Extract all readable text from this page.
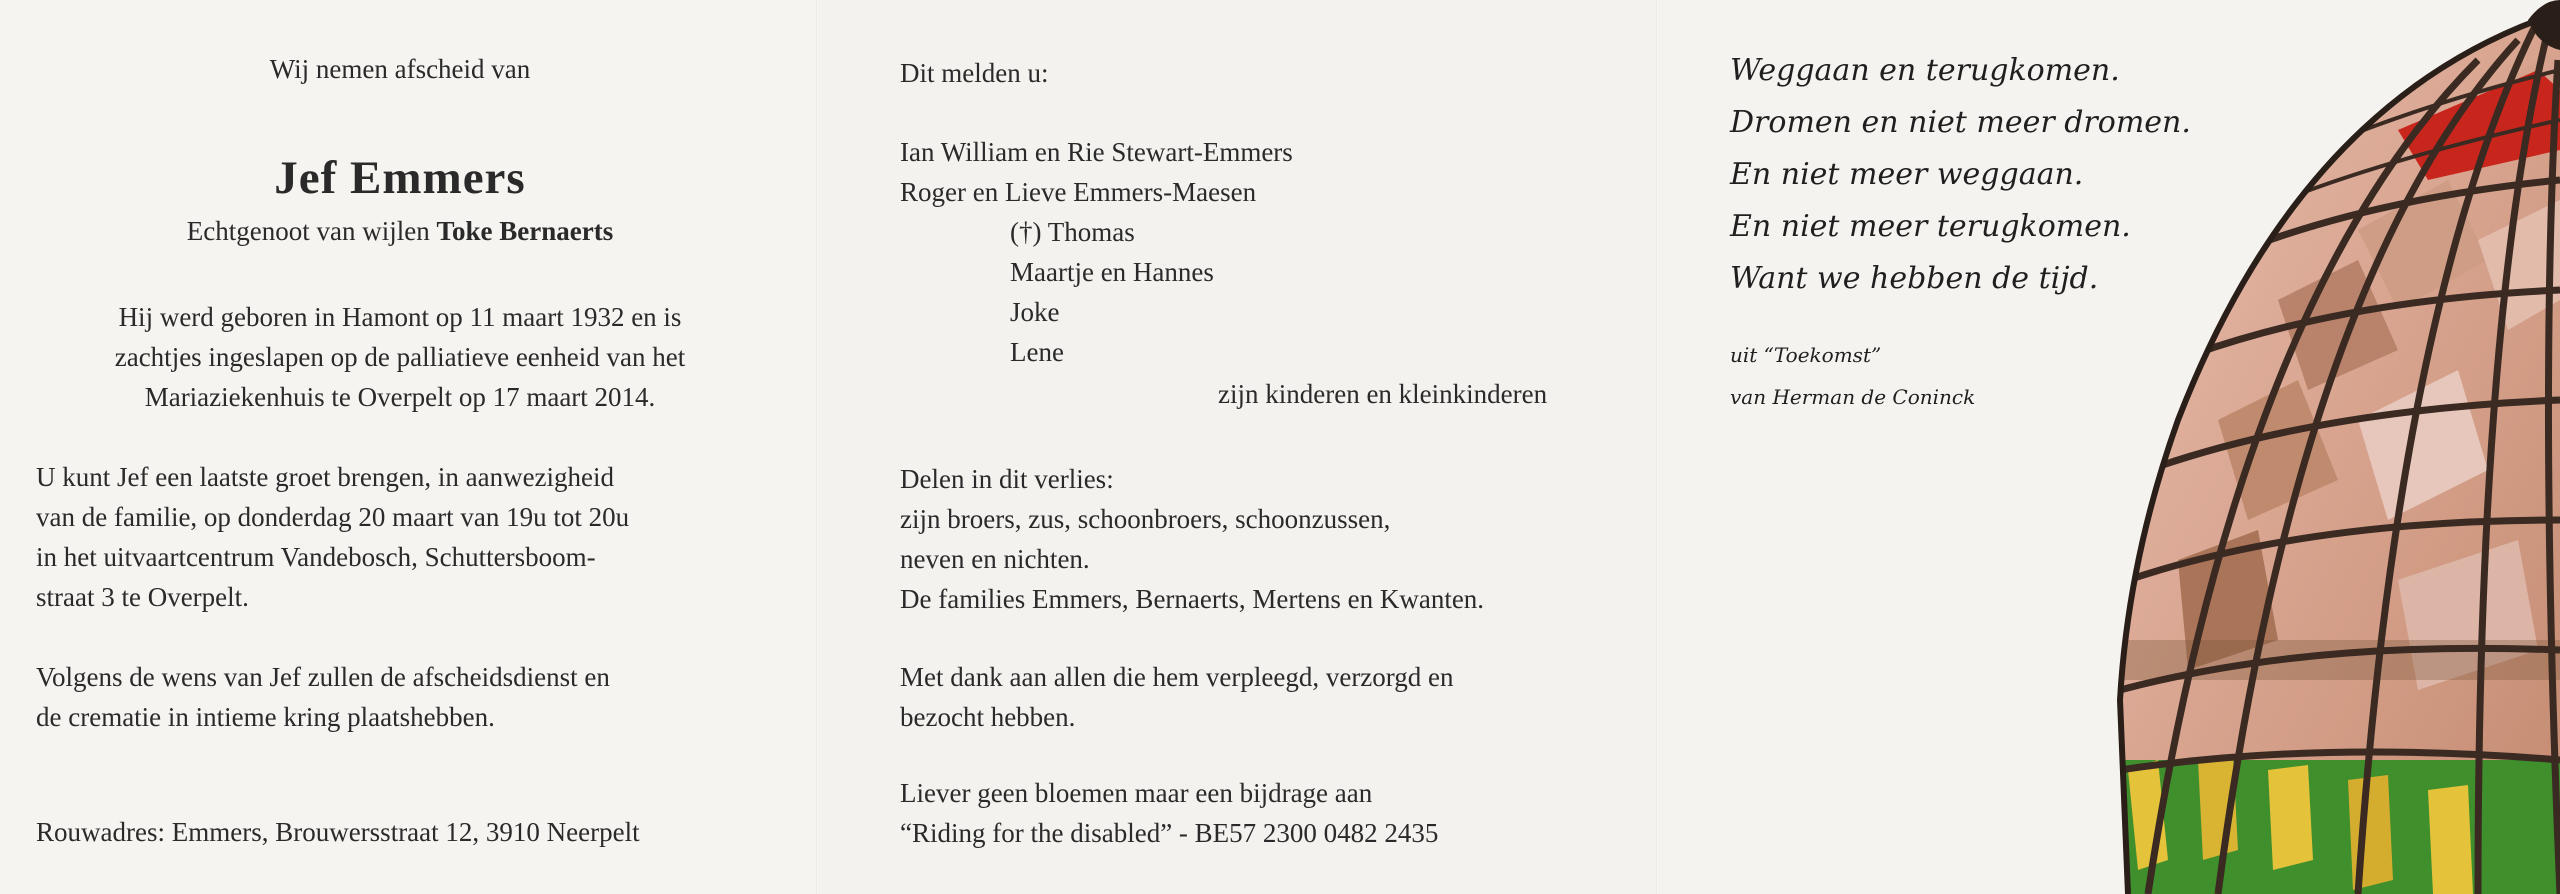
Wij nemen afscheid van
Jef Emmers
Echtgenoot van wijlen Toke Bernaerts
Hij werd geboren in Hamont op 11 maart 1932 en is
zachtjes ingeslapen op de palliatieve eenheid van het
Mariaziekenhuis te Overpelt op 17 maart 2014.
U kunt Jef een laatste groet brengen, in aanwezigheid
van de familie, op donderdag 20 maart van 19u tot 20u
in het uitvaartcentrum Vandebosch, Schuttersboom-
straat 3 te Overpelt.
Volgens de wens van Jef zullen de afscheidsdienst en
de crematie in intieme kring plaatshebben.
Rouwadres: Emmers, Brouwersstraat 12, 3910 Neerpelt
Dit melden u:
Ian William en Rie Stewart-Emmers
Roger en Lieve Emmers-Maesen
(†) Thomas
Maartje en Hannes
Joke
Lene
zijn kinderen en kleinkinderen
Delen in dit verlies:
zijn broers, zus, schoonbroers, schoonzussen,
neven en nichten.
De families Emmers, Bernaerts, Mertens en Kwanten.
Met dank aan allen die hem verpleegd, verzorgd en
bezocht hebben.
Liever geen bloemen maar een bijdrage aan
“Riding for the disabled” - BE57 2300 0482 2435
Weggaan en terugkomen.
Dromen en niet meer dromen.
En niet meer weggaan.
En niet meer terugkomen.
Want we hebben de tijd.
uit “Toekomst”
van Herman de Coninck
